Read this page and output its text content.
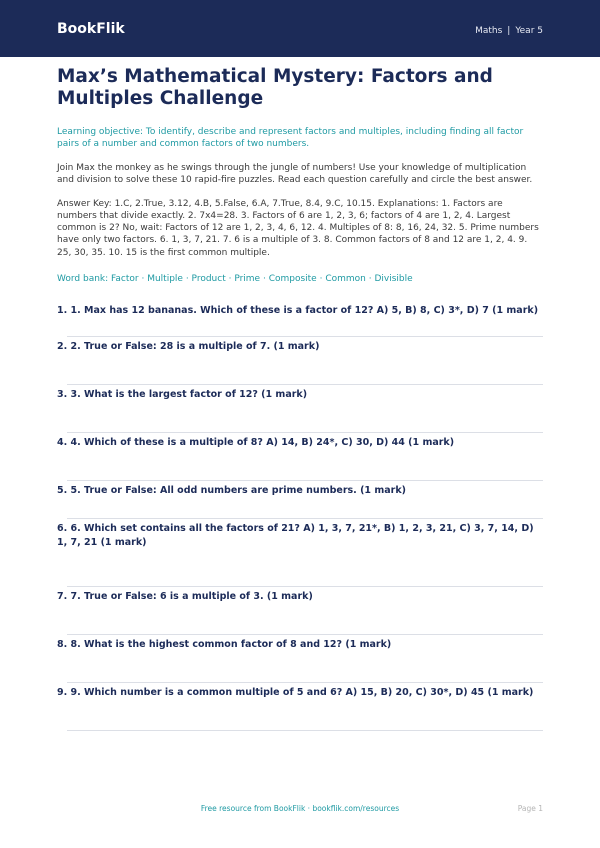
BookFlik	Maths | Year 5
Max’s Mathematical Mystery: Factors and Multiples Challenge

Learning objective: To identify, describe and represent factors and multiples, including finding all factor pairs of a number and common factors of two numbers.

Join Max the monkey as he swings through the jungle of numbers! Use your knowledge of multiplication and division to solve these 10 rapid-fire puzzles. Read each question carefully and circle the best answer.

Answer Key: 1.C, 2.True, 3.12, 4.B, 5.False, 6.A, 7.True, 8.4, 9.C, 10.15. Explanations: 1. Factors are numbers that divide exactly. 2. 7x4=28. 3. Factors of 6 are 1, 2, 3, 6; factors of 4 are 1, 2, 4. Largest common is 2? No, wait: Factors of 12 are 1, 2, 3, 4, 6, 12. 4. Multiples of 8: 8, 16, 24, 32. 5. Prime numbers have only two factors. 6. 1, 3, 7, 21. 7. 6 is a multiple of 3. 8. Common factors of 8 and 12 are 1, 2, 4. 9. 25, 30, 35. 10. 15 is the first common multiple.

Word bank: Factor · Multiple · Product · Prime · Composite · Common · Divisible

1. 1. Max has 12 bananas. Which of these is a factor of 12? A) 5, B) 8, C) 3*, D) 7 (1 mark)
2. 2. True or False: 28 is a multiple of 7. (1 mark)
3. 3. What is the largest factor of 12? (1 mark)
4. 4. Which of these is a multiple of 8? A) 14, B) 24*, C) 30, D) 44 (1 mark)
5. 5. True or False: All odd numbers are prime numbers. (1 mark)
6. 6. Which set contains all the factors of 21? A) 1, 3, 7, 21*, B) 1, 2, 3, 21, C) 3, 7, 14, D) 1, 7, 21 (1 mark)
7. 7. True or False: 6 is a multiple of 3. (1 mark)
8. 8. What is the highest common factor of 8 and 12? (1 mark)
9. 9. Which number is a common multiple of 5 and 6? A) 15, B) 20, C) 30*, D) 45 (1 mark)
Free resource from BookFlik · bookflik.com/resources	Page 1
